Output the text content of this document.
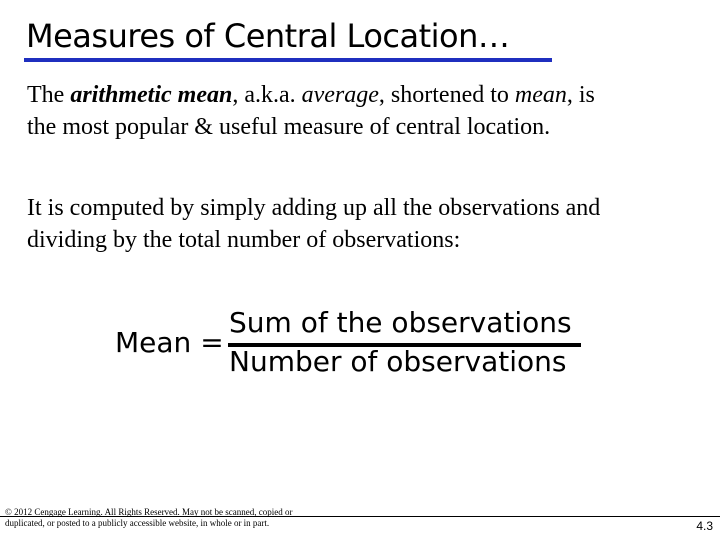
Measures of Central Location…
The arithmetic mean, a.k.a. average, shortened to mean, is
the most popular & useful measure of central location.
It is computed by simply adding up all the observations and
dividing by the total number of observations:
Mean =
Sum of the observations
Number of observations
© 2012 Cengage Learning. All Rights Reserved. May not be scanned, copied or
duplicated, or posted to a publicly accessible website, in whole or in part.	4.3
